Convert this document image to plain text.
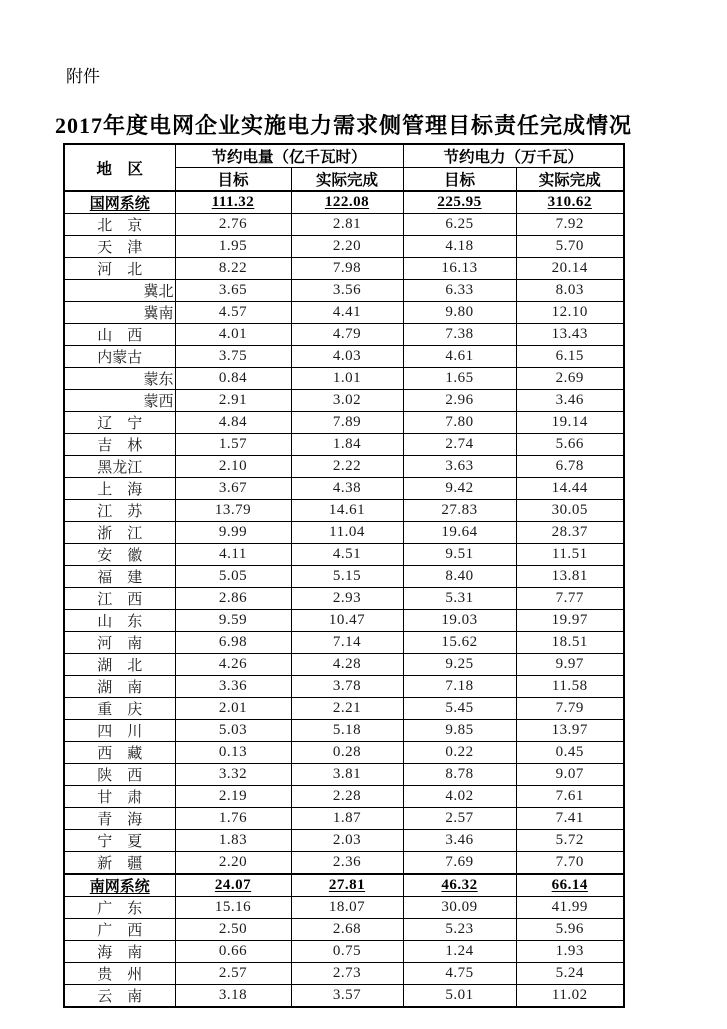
附件
2017年度电网企业实施电力需求侧管理目标责任完成情况
地　区	节约电量（亿千瓦时）		节约电力（万千瓦）	
	目标	实际完成	目标	实际完成
国网系统	111.32	122.08	225.95	310.62
北　京	2.76	2.81	6.25	7.92
天　津	1.95	2.20	4.18	5.70
河　北	8.22	7.98	16.13	20.14
冀北	3.65	3.56	6.33	8.03
冀南	4.57	4.41	9.80	12.10
山　西	4.01	4.79	7.38	13.43
内蒙古	3.75	4.03	4.61	6.15
蒙东	0.84	1.01	1.65	2.69
蒙西	2.91	3.02	2.96	3.46
辽　宁	4.84	7.89	7.80	19.14
吉　林	1.57	1.84	2.74	5.66
黑龙江	2.10	2.22	3.63	6.78
上　海	3.67	4.38	9.42	14.44
江　苏	13.79	14.61	27.83	30.05
浙　江	9.99	11.04	19.64	28.37
安　徽	4.11	4.51	9.51	11.51
福　建	5.05	5.15	8.40	13.81
江　西	2.86	2.93	5.31	7.77
山　东	9.59	10.47	19.03	19.97
河　南	6.98	7.14	15.62	18.51
湖　北	4.26	4.28	9.25	9.97
湖　南	3.36	3.78	7.18	11.58
重　庆	2.01	2.21	5.45	7.79
四　川	5.03	5.18	9.85	13.97
西　藏	0.13	0.28	0.22	0.45
陕　西	3.32	3.81	8.78	9.07
甘　肃	2.19	2.28	4.02	7.61
青　海	1.76	1.87	2.57	7.41
宁　夏	1.83	2.03	3.46	5.72
新　疆	2.20	2.36	7.69	7.70
南网系统	24.07	27.81	46.32	66.14
广　东	15.16	18.07	30.09	41.99
广　西	2.50	2.68	5.23	5.96
海　南	0.66	0.75	1.24	1.93
贵　州	2.57	2.73	4.75	5.24
云　南	3.18	3.57	5.01	11.02
